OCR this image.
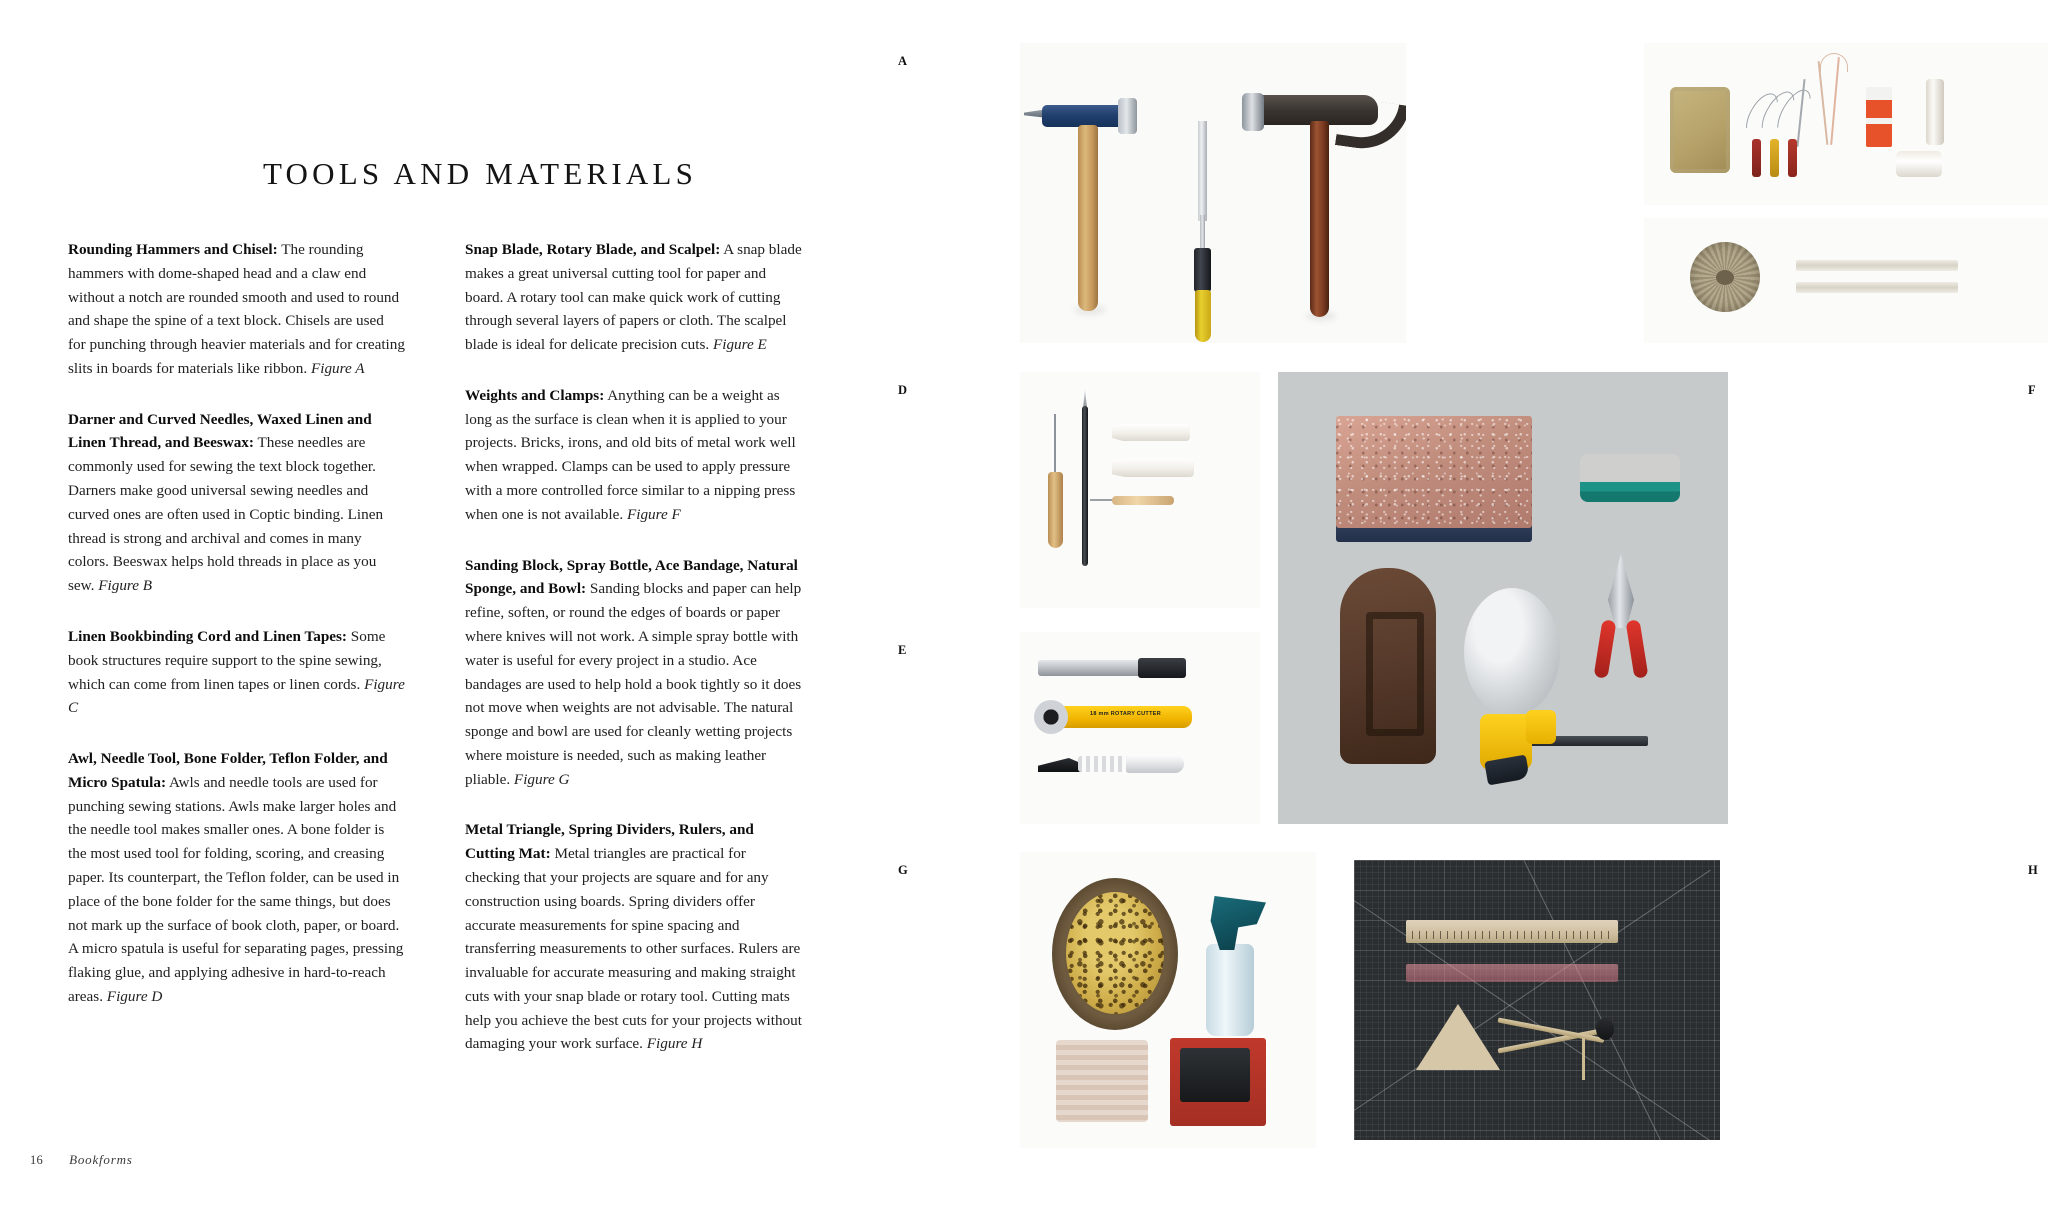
TOOLS AND MATERIALS

Rounding Hammers and Chisel: The rounding hammers with dome-shaped head and a claw end without a notch are rounded smooth and used to round and shape the spine of a text block. Chisels are used for punching through heavier materials and for creating slits in boards for materials like ribbon. Figure A

Darner and Curved Needles, Waxed Linen and Linen Thread, and Beeswax: These needles are commonly used for sewing the text block together. Darners make good universal sewing needles and curved ones are often used in Coptic binding. Linen thread is strong and archival and comes in many colors. Beeswax helps hold threads in place as you sew. Figure B

Linen Bookbinding Cord and Linen Tapes: Some book structures require support to the spine sewing, which can come from linen tapes or linen cords. Figure C

Awl, Needle Tool, Bone Folder, Teflon Folder, and Micro Spatula: Awls and needle tools are used for punching sewing stations. Awls make larger holes and the needle tool makes smaller ones. A bone folder is the most used tool for folding, scoring, and creasing paper. Its counterpart, the Teflon folder, can be used in place of the bone folder for the same things, but does not mark up the surface of book cloth, paper, or board. A micro spatula is useful for separating pages, pressing flaking glue, and applying adhesive in hard-to-reach areas. Figure D

Snap Blade, Rotary Blade, and Scalpel: A snap blade makes a great universal cutting tool for paper and board. A rotary tool can make quick work of cutting through several layers of papers or cloth. The scalpel blade is ideal for delicate precision cuts. Figure E

Weights and Clamps: Anything can be a weight as long as the surface is clean when it is applied to your projects. Bricks, irons, and old bits of metal work well when wrapped. Clamps can be used to apply pressure with a more controlled force similar to a nipping press when one is not available. Figure F

Sanding Block, Spray Bottle, Ace Bandage, Natural Sponge, and Bowl: Sanding blocks and paper can help refine, soften, or round the edges of boards or paper where knives will not work. A simple spray bottle with water is useful for every project in a studio. Ace bandages are used to help hold a book tightly so it does not move when weights are not advisable. The natural sponge and bowl are used for cleanly wetting projects where moisture is needed, such as making leather pliable. Figure G

Metal Triangle, Spring Dividers, Rulers, and Cutting Mat: Metal triangles are practical for checking that your projects are square and for any construction using boards. Spring dividers offer accurate measurements for spine spacing and transferring measurements to other surfaces. Rulers are invaluable for accurate measuring and making straight cuts with your snap blade or rotary tool. Cutting mats help you achieve the best cuts for your projects without damaging your work surface. Figure H

16 Bookforms
A
D
E
18 mm ROTARY CUTTER
F
G	H
